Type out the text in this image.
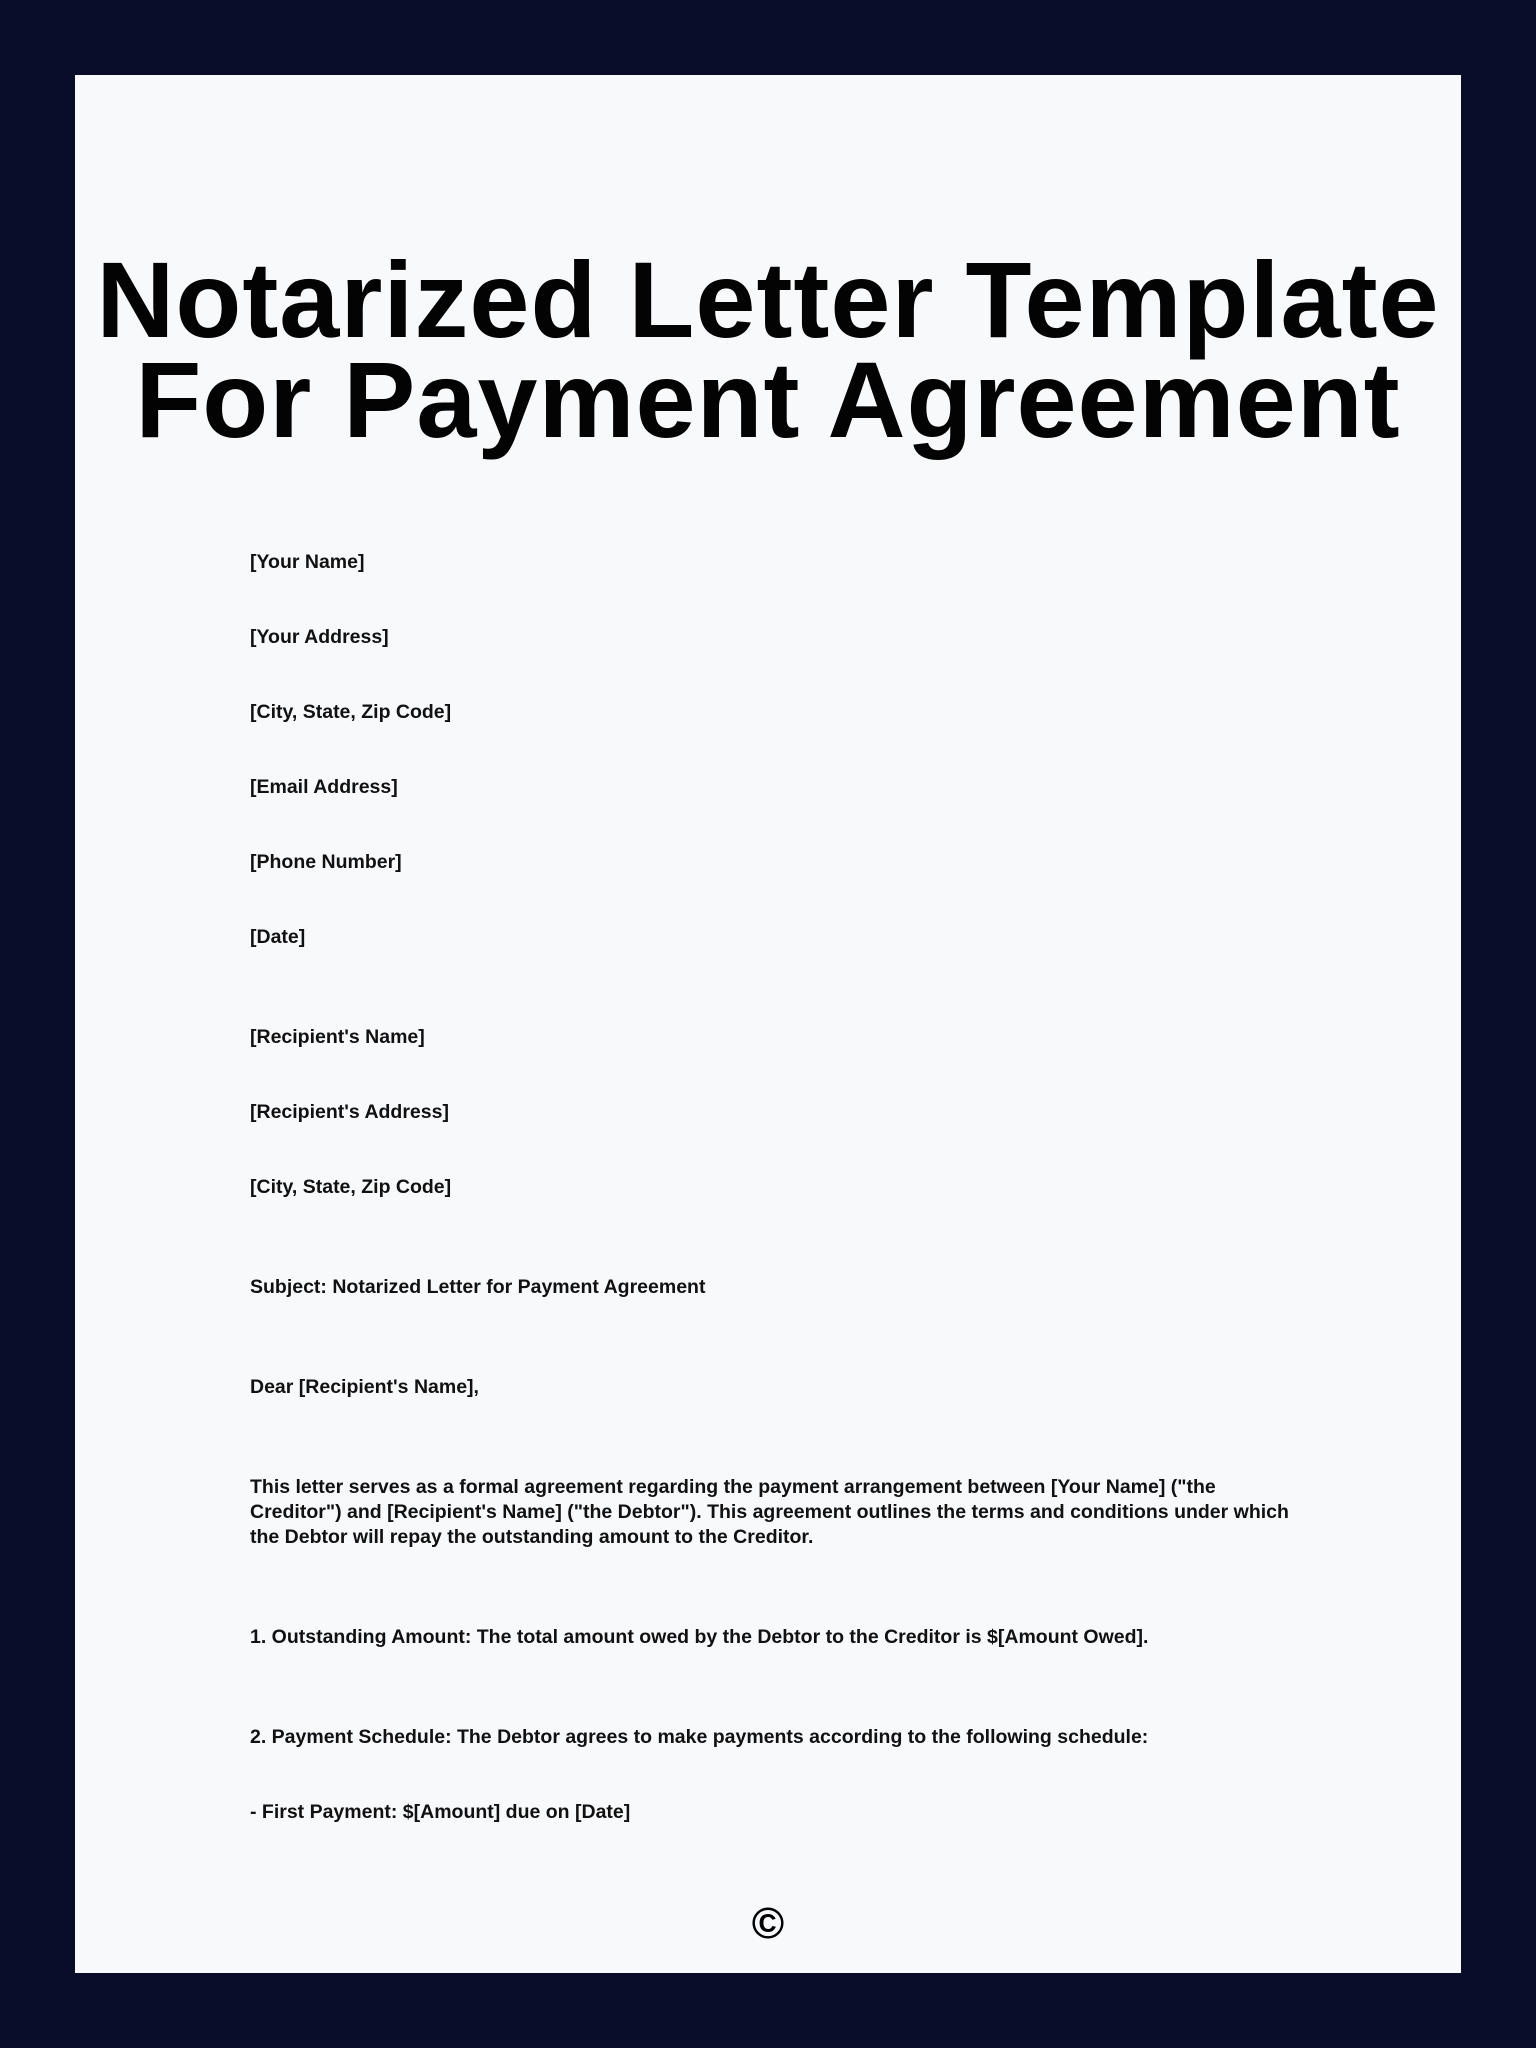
Notarized Letter Template
For Payment Agreement
[Your Name]
[Your Address]
[City, State, Zip Code]
[Email Address]
[Phone Number]
[Date]
[Recipient's Name]
[Recipient's Address]
[City, State, Zip Code]
Subject: Notarized Letter for Payment Agreement
Dear [Recipient's Name],
This letter serves as a formal agreement regarding the payment arrangement between [Your Name] ("the Creditor") and [Recipient's Name] ("the Debtor"). This agreement outlines the terms and conditions under which the Debtor will repay the outstanding amount to the Creditor.
1. Outstanding Amount: The total amount owed by the Debtor to the Creditor is $[Amount Owed].
2. Payment Schedule: The Debtor agrees to make payments according to the following schedule:
- First Payment: $[Amount] due on [Date]
©
